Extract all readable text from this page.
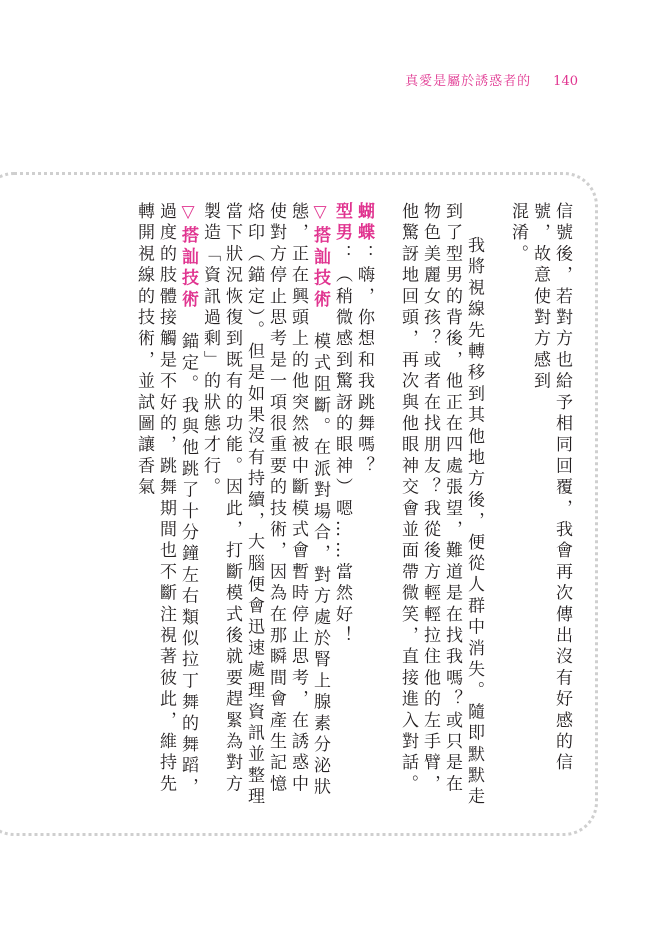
真愛是屬於誘惑者的 140

信號後，若對方也給予相同回覆，我會再次傳出沒有好感的信號，故意使對方感到

混淆。

我將視線先轉移到其他地方後，便從人群中消失。隨即默默走到了型男的背後，他正在四處張望，難道是在找我嗎？或只是在物色美麗女孩？或者在找朋友？我從後方輕輕拉住他的左手臂，他驚訝地回頭，再次與他眼神交會並面帶微笑，直接進入對話。

蝴蝶：嗨，你想和我跳舞嗎？

型男：（稍微感到驚訝的眼神）嗯……當然好！

▽搭訕技術　模式阻斷。在派對場合，對方處於腎上腺素分泌狀態，正在興頭上的他突然被中斷模式會暫時停止思考，在誘惑中使對方停止思考是一項很重要的技術，因為在那瞬間會產生記憶烙印（錨定）。但是如果沒有持續，大腦便會迅速處理資訊並整理當下狀況恢復到既有的功能。因此，打斷模式後就要趕緊為對方製造「資訊過剩」的狀態才行。

▽搭訕技術　錨定。我與他跳了十分鐘左右類似拉丁舞的舞蹈，過度的肢體接觸是不好的，跳舞期間也不斷注視著彼此，維持先轉開視線的技術，並試圖讓香氣
